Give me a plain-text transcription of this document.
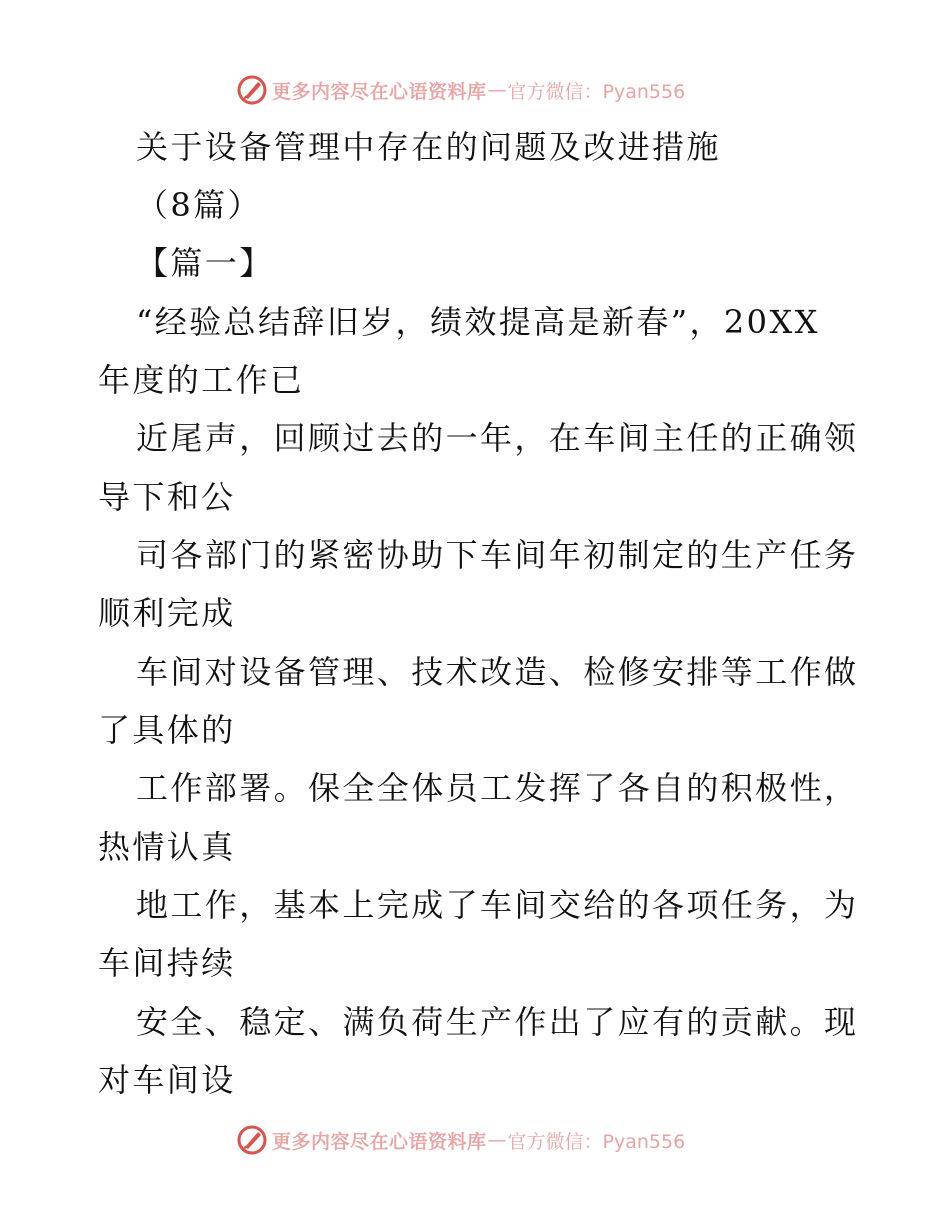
更多内容尽在心语资料库 — 官方微信：Pyan556
关于设备管理中存在的问题及改进措施
（8篇）
【篇一】
“经验总结辞旧岁，绩效提高是新春”，20XX
年度的工作已
近尾声，回顾过去的一年，在车间主任的正确领
导下和公
司各部门的紧密协助下车间年初制定的生产任务
顺利完成
车间对设备管理、技术改造、检修安排等工作做
了具体的
工作部署。保全全体员工发挥了各自的积极性，
热情认真
地工作，基本上完成了车间交给的各项任务，为
车间持续
安全、稳定、满负荷生产作出了应有的贡献。现
对车间设
更多内容尽在心语资料库 — 官方微信：Pyan556
